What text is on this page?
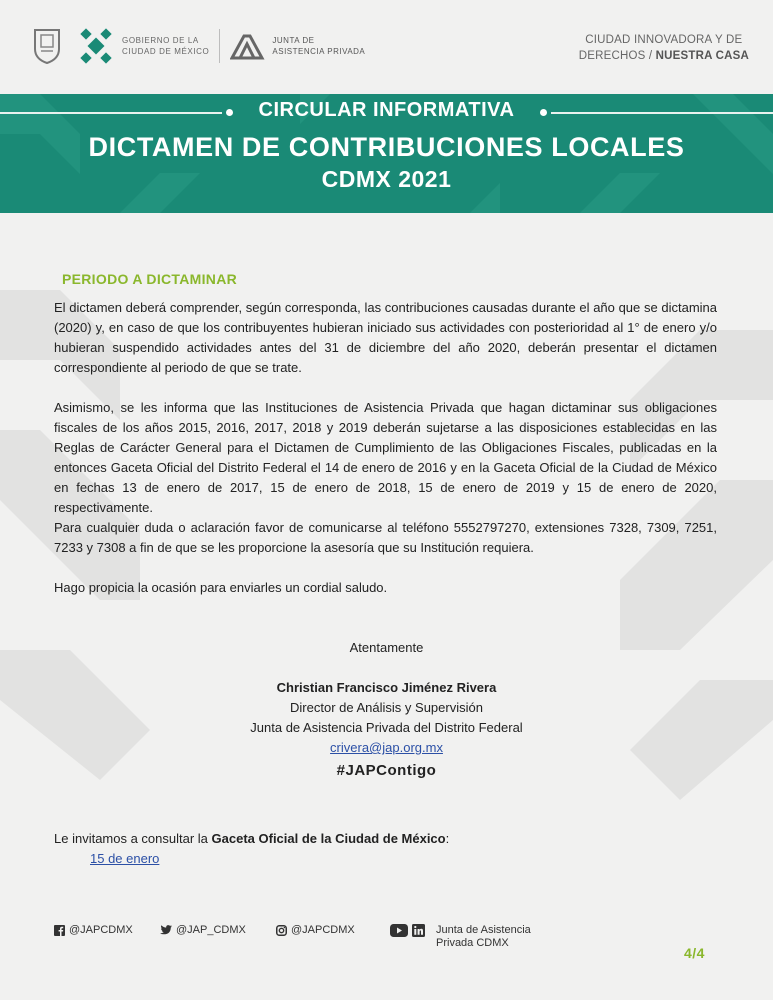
GOBIERNO DE LA
CIUDAD DE MÉXICO
JUNTA DE
ASISTENCIA PRIVADA
CIUDAD INNOVADORA Y DE
DERECHOS / NUESTRA CASA
CIRCULAR INFORMATIVA
DICTAMEN DE CONTRIBUCIONES LOCALES
CDMX 2021
PERIODO A DICTAMINAR
El dictamen deberá comprender, según corresponda, las contribuciones causadas durante el año que se dictamina (2020) y, en caso de que los contribuyentes hubieran iniciado sus actividades con posterioridad al 1° de enero y/o hubieran suspendido actividades antes del 31 de diciembre del año 2020, deberán presentar el dictamen correspondiente al periodo de que se trate.
Asimismo, se les informa que las Instituciones de Asistencia Privada que hagan dictaminar sus obligaciones fiscales de los años 2015, 2016, 2017, 2018 y 2019 deberán sujetarse a las disposiciones establecidas en las Reglas de Carácter General para el Dictamen de Cumplimiento de las Obligaciones Fiscales, publicadas en la entonces Gaceta Oficial del Distrito Federal el 14 de enero de 2016 y en la Gaceta Oficial de la Ciudad de México en fechas 13 de enero de 2017, 15 de enero de 2018, 15 de enero de 2019 y 15 de enero de 2020, respectivamente.
Para cualquier duda o aclaración favor de comunicarse al teléfono 5552797270, extensiones 7328, 7309, 7251, 7233 y 7308 a fin de que se les proporcione la asesoría que su Institución requiera.
Hago propicia la ocasión para enviarles un cordial saludo.
Atentamente
Christian Francisco Jiménez Rivera
Director de Análisis y Supervisión
Junta de Asistencia Privada del Distrito Federal
crivera@jap.org.mx
#JAPContigo
Le invitamos a consultar la Gaceta Oficial de la Ciudad de México:
15 de enero
@JAPCDMX	@JAP_CDMX	@JAPCDMX	Junta de Asistencia
Privada CDMX
4/4
